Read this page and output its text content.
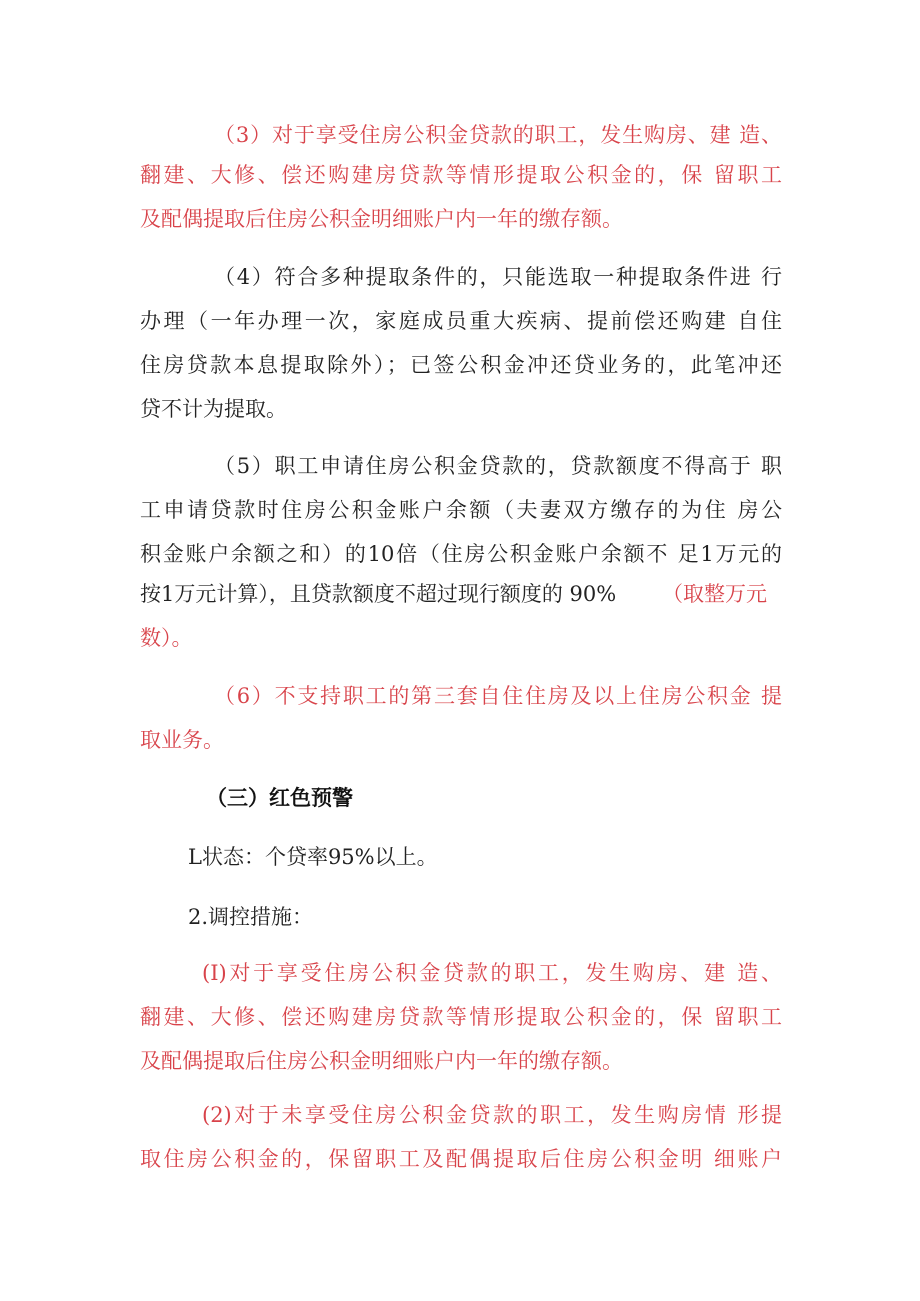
（3）对于享受住房公积金贷款的职工，发生购房、建 造、
翻建、大修、偿还购建房贷款等情形提取公积金的，保 留职工
及配偶提取后住房公积金明细账户内一年的缴存额。
（4）符合多种提取条件的，只能选取一种提取条件进 行
办理（一年办理一次，家庭成员重大疾病、提前偿还购建 自住
住房贷款本息提取除外）；已签公积金冲还贷业务的，此笔冲还
贷不计为提取。
（5）职工申请住房公积金贷款的，贷款额度不得高于 职
工申请贷款时住房公积金账户余额（夫妻双方缴存的为住 房公
积金账户余额之和）的10倍（住房公积金账户余额不 足1万元的
按1万元计算），且贷款额度不超过现行额度的 90% （取整万元
数）。
（6）不支持职工的第三套自住住房及以上住房公积金 提
取业务。
（三）红色预警
L状态：个贷率95%以上。
2.调控措施：
(I)对于享受住房公积金贷款的职工，发生购房、建 造、
翻建、大修、偿还购建房贷款等情形提取公积金的，保 留职工
及配偶提取后住房公积金明细账户内一年的缴存额。
(2)对于未享受住房公积金贷款的职工，发生购房情 形提
取住房公积金的，保留职工及配偶提取后住房公积金明 细账户
